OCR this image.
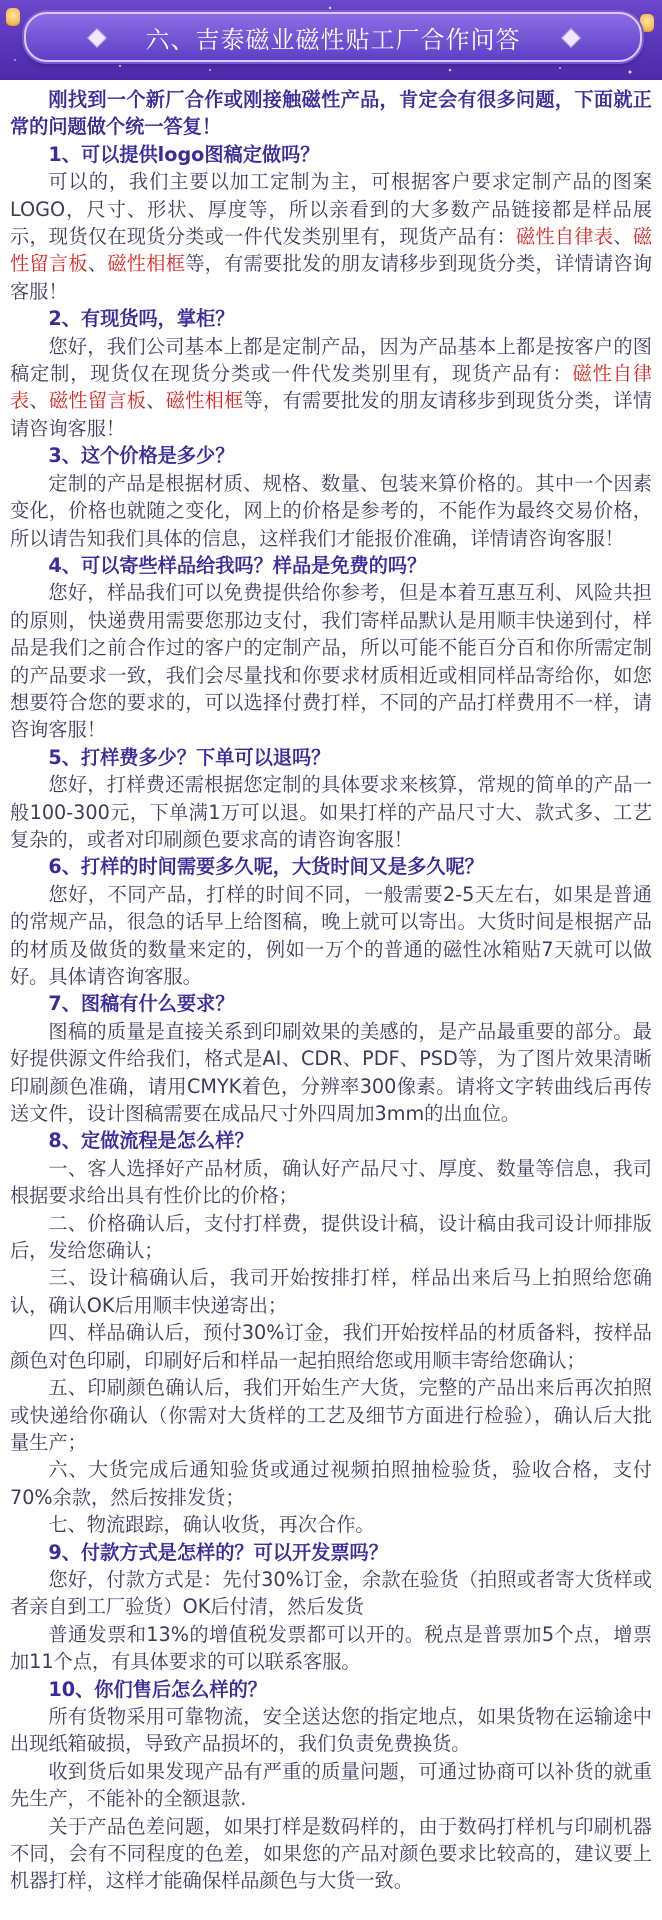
六、吉泰磁业磁性贴工厂合作问答

刚找到一个新厂合作或刚接触磁性产品，肯定会有很多问题，下面就正常的问题做个统一答复！

1、可以提供logo图稿定做吗？

可以的，我们主要以加工定制为主，可根据客户要求定制产品的图案LOGO，尺寸、形状、厚度等，所以亲看到的大多数产品链接都是样品展示，现货仅在现货分类或一件代发类别里有，现货产品有：磁性自律表、磁性留言板、磁性相框等，有需要批发的朋友请移步到现货分类，详情请咨询客服！

2、有现货吗，掌柜？

您好，我们公司基本上都是定制产品，因为产品基本上都是按客户的图稿定制，现货仅在现货分类或一件代发类别里有，现货产品有：磁性自律表、磁性留言板、磁性相框等，有需要批发的朋友请移步到现货分类，详情请咨询客服！

3、这个价格是多少？

定制的产品是根据材质、规格、数量、包装来算价格的。其中一个因素变化，价格也就随之变化，网上的价格是参考的，不能作为最终交易价格，所以请告知我们具体的信息，这样我们才能报价准确，详情请咨询客服！

4、可以寄些样品给我吗？样品是免费的吗？

您好，样品我们可以免费提供给你参考，但是本着互惠互利、风险共担的原则，快递费用需要您那边支付，我们寄样品默认是用顺丰快递到付，样品是我们之前合作过的客户的定制产品，所以可能不能百分百和你所需定制的产品要求一致，我们会尽量找和你要求材质相近或相同样品寄给你，如您想要符合您的要求的，可以选择付费打样，不同的产品打样费用不一样，请咨询客服！

5、打样费多少？下单可以退吗？

您好，打样费还需根据您定制的具体要求来核算，常规的简单的产品一般100-300元，下单满1万可以退。如果打样的产品尺寸大、款式多、工艺复杂的，或者对印刷颜色要求高的请咨询客服！

6、打样的时间需要多久呢，大货时间又是多久呢？

您好，不同产品，打样的时间不同，一般需要2-5天左右，如果是普通的常规产品，很急的话早上给图稿，晚上就可以寄出。大货时间是根据产品的材质及做货的数量来定的，例如一万个的普通的磁性冰箱贴7天就可以做好。具体请咨询客服。

7、图稿有什么要求？

图稿的质量是直接关系到印刷效果的美感的，是产品最重要的部分。最好提供源文件给我们，格式是AI、CDR、PDF、PSD等，为了图片效果清晰印刷颜色准确，请用CMYK着色，分辨率300像素。请将文字转曲线后再传送文件，设计图稿需要在成品尺寸外四周加3mm的出血位。

8、定做流程是怎么样？

一、客人选择好产品材质，确认好产品尺寸、厚度、数量等信息，我司根据要求给出具有性价比的价格；

二、价格确认后，支付打样费，提供设计稿，设计稿由我司设计师排版后，发给您确认；

三、设计稿确认后，我司开始按排打样，样品出来后马上拍照给您确认，确认OK后用顺丰快递寄出；

四、样品确认后，预付30%订金，我们开始按样品的材质备料，按样品颜色对色印刷，印刷好后和样品一起拍照给您或用顺丰寄给您确认；

五、印刷颜色确认后，我们开始生产大货，完整的产品出来后再次拍照或快递给你确认（你需对大货样的工艺及细节方面进行检验），确认后大批量生产；

六、大货完成后通知验货或通过视频拍照抽检验货，验收合格，支付70%余款，然后按排发货；

七、物流跟踪，确认收货，再次合作。

9、付款方式是怎样的？可以开发票吗？

您好，付款方式是：先付30%订金，余款在验货（拍照或者寄大货样或者亲自到工厂验货）OK后付清，然后发货

普通发票和13%的增值税发票都可以开的。税点是普票加5个点，增票加11个点，有具体要求的可以联系客服。

10、你们售后怎么样的？

所有货物采用可靠物流，安全送达您的指定地点，如果货物在运输途中出现纸箱破损，导致产品损坏的，我们负责免费换货。

收到货后如果发现产品有严重的质量问题，可通过协商可以补货的就重先生产，不能补的全额退款.

关于产品色差问题，如果打样是数码样的，由于数码打样机与印刷机器不同，会有不同程度的色差，如果您的产品对颜色要求比较高的，建议要上机器打样，这样才能确保样品颜色与大货一致。
